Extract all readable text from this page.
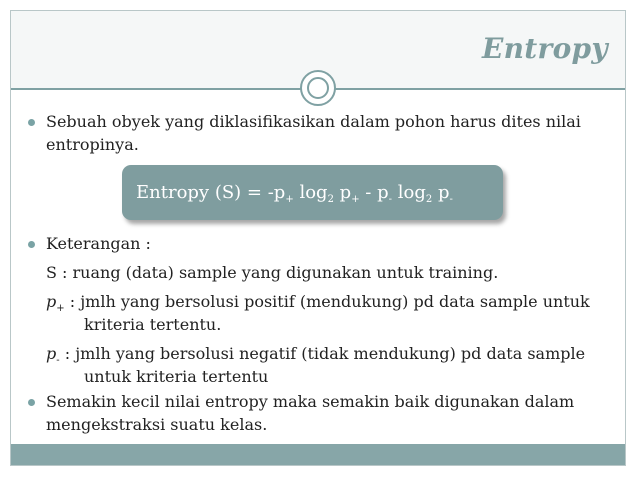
Entropy
Sebuah obyek yang diklasifikasikan dalam pohon harus dites nilai entropinya.
Keterangan :
S : ruang (data) sample yang digunakan untuk training.
$p_+$ : jmlh yang bersolusi positif (mendukung) pd data sample untuk
kriteria tertentu.
$p_-$ : jmlh yang bersolusi negatif (tidak mendukung) pd data sample
untuk kriteria tertentu
Semakin kecil nilai entropy maka semakin baik digunakan dalam mengekstraksi suatu kelas.
Entropy $(S) = -p_+$ $\log_2 p_+ - p_-$ $\log_2 p_-$
